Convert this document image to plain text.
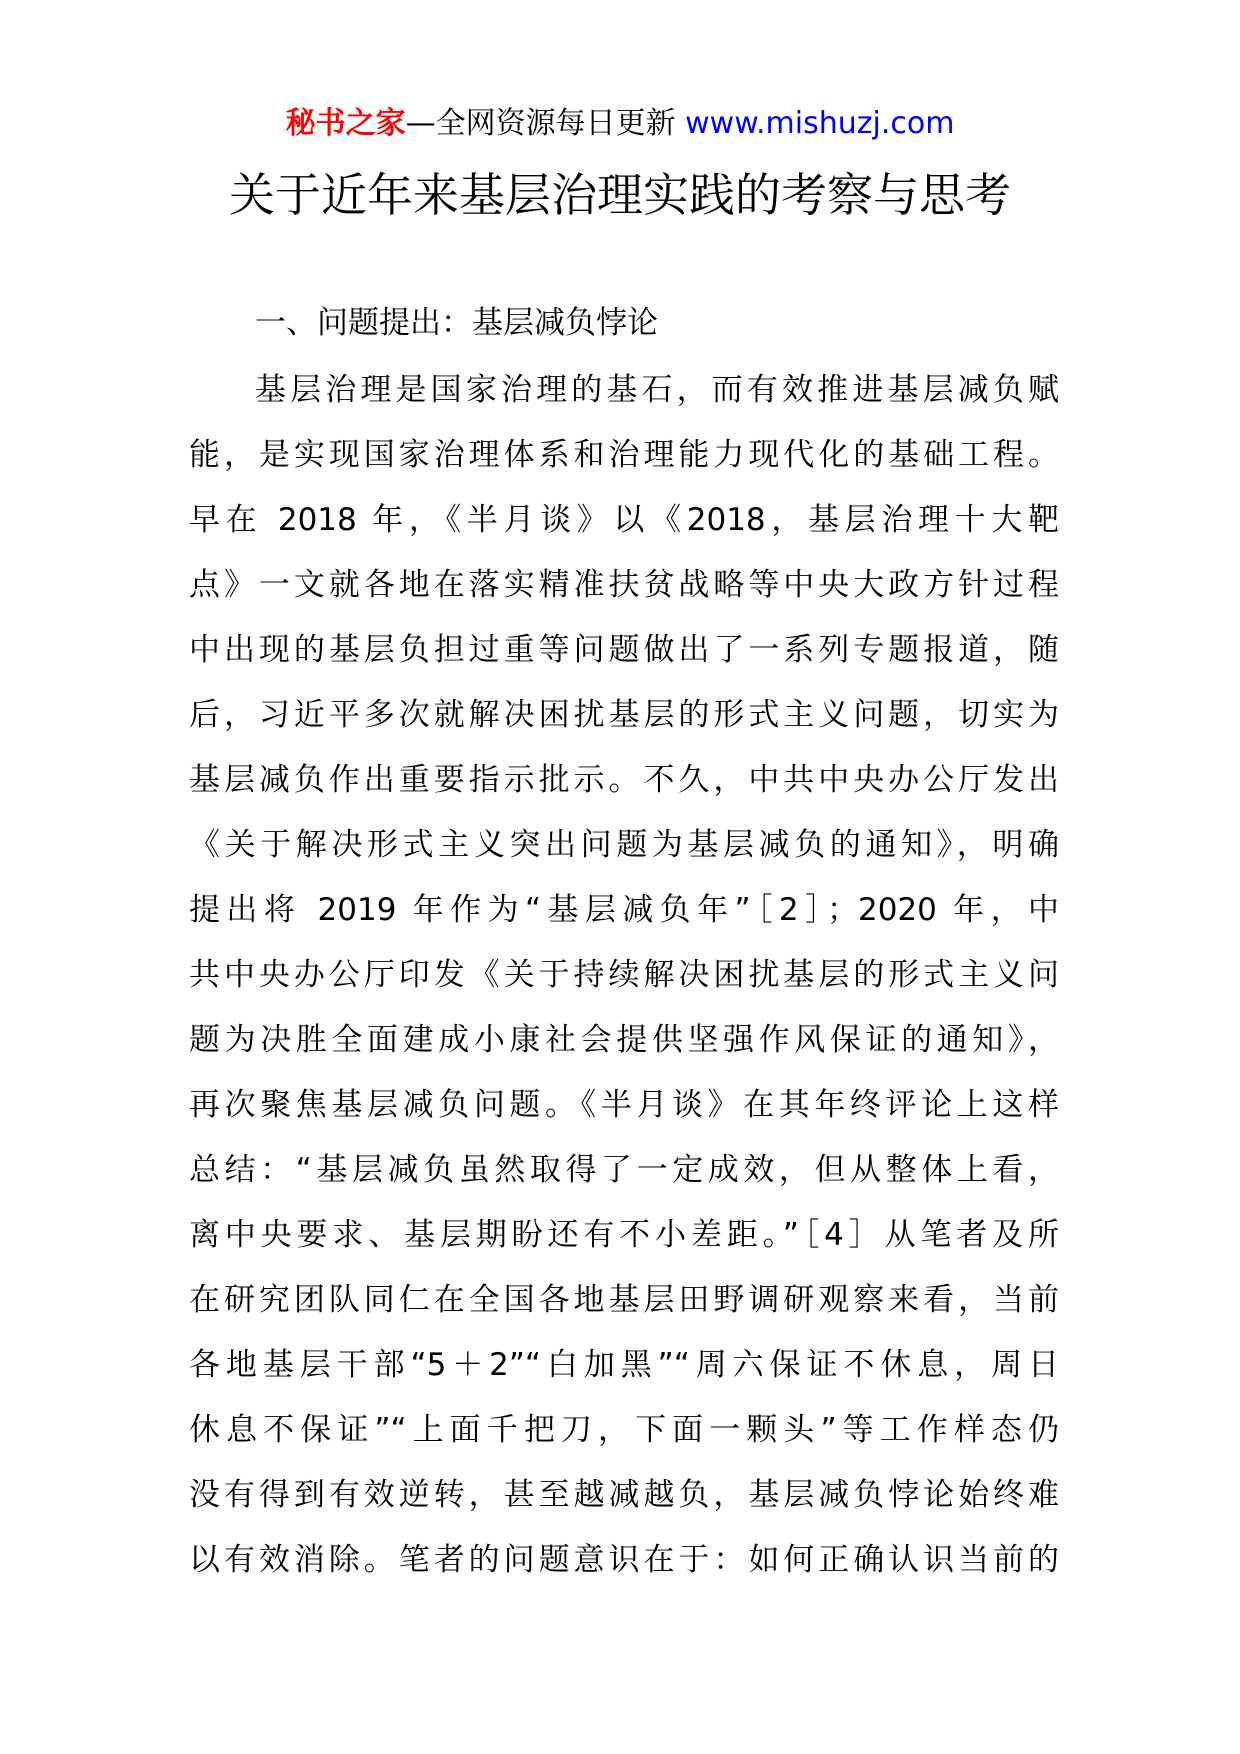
秘书之家—全网资源每日更新 www.mishuzj.com
关于近年来基层治理实践的考察与思考
一、问题提出：基层减负悖论
基层治理是国家治理的基石，而有效推进基层减负赋
能，是实现国家治理体系和治理能力现代化的基础工程。
早在 2018 年，《半月谈》以《2018，基层治理十大靶
点》一文就各地在落实精准扶贫战略等中央大政方针过程
中出现的基层负担过重等问题做出了一系列专题报道，随
后，习近平多次就解决困扰基层的形式主义问题，切实为
基层减负作出重要指示批示。不久，中共中央办公厅发出
《关于解决形式主义突出问题为基层减负的通知》，明确
提出将 2019 年作为“基层减负年”［2］；2020 年，中
共中央办公厅印发《关于持续解决困扰基层的形式主义问
题为决胜全面建成小康社会提供坚强作风保证的通知》，
再次聚焦基层减负问题。《半月谈》在其年终评论上这样
总结：“基层减负虽然取得了一定成效，但从整体上看，
离中央要求、基层期盼还有不小差距。”［4］从笔者及所
在研究团队同仁在全国各地基层田野调研观察来看，当前
各地基层干部“5＋2”“白加黑”“周六保证不休息，周日
休息不保证”“上面千把刀，下面一颗头”等工作样态仍
没有得到有效逆转，甚至越减越负，基层减负悖论始终难
以有效消除。笔者的问题意识在于：如何正确认识当前的
